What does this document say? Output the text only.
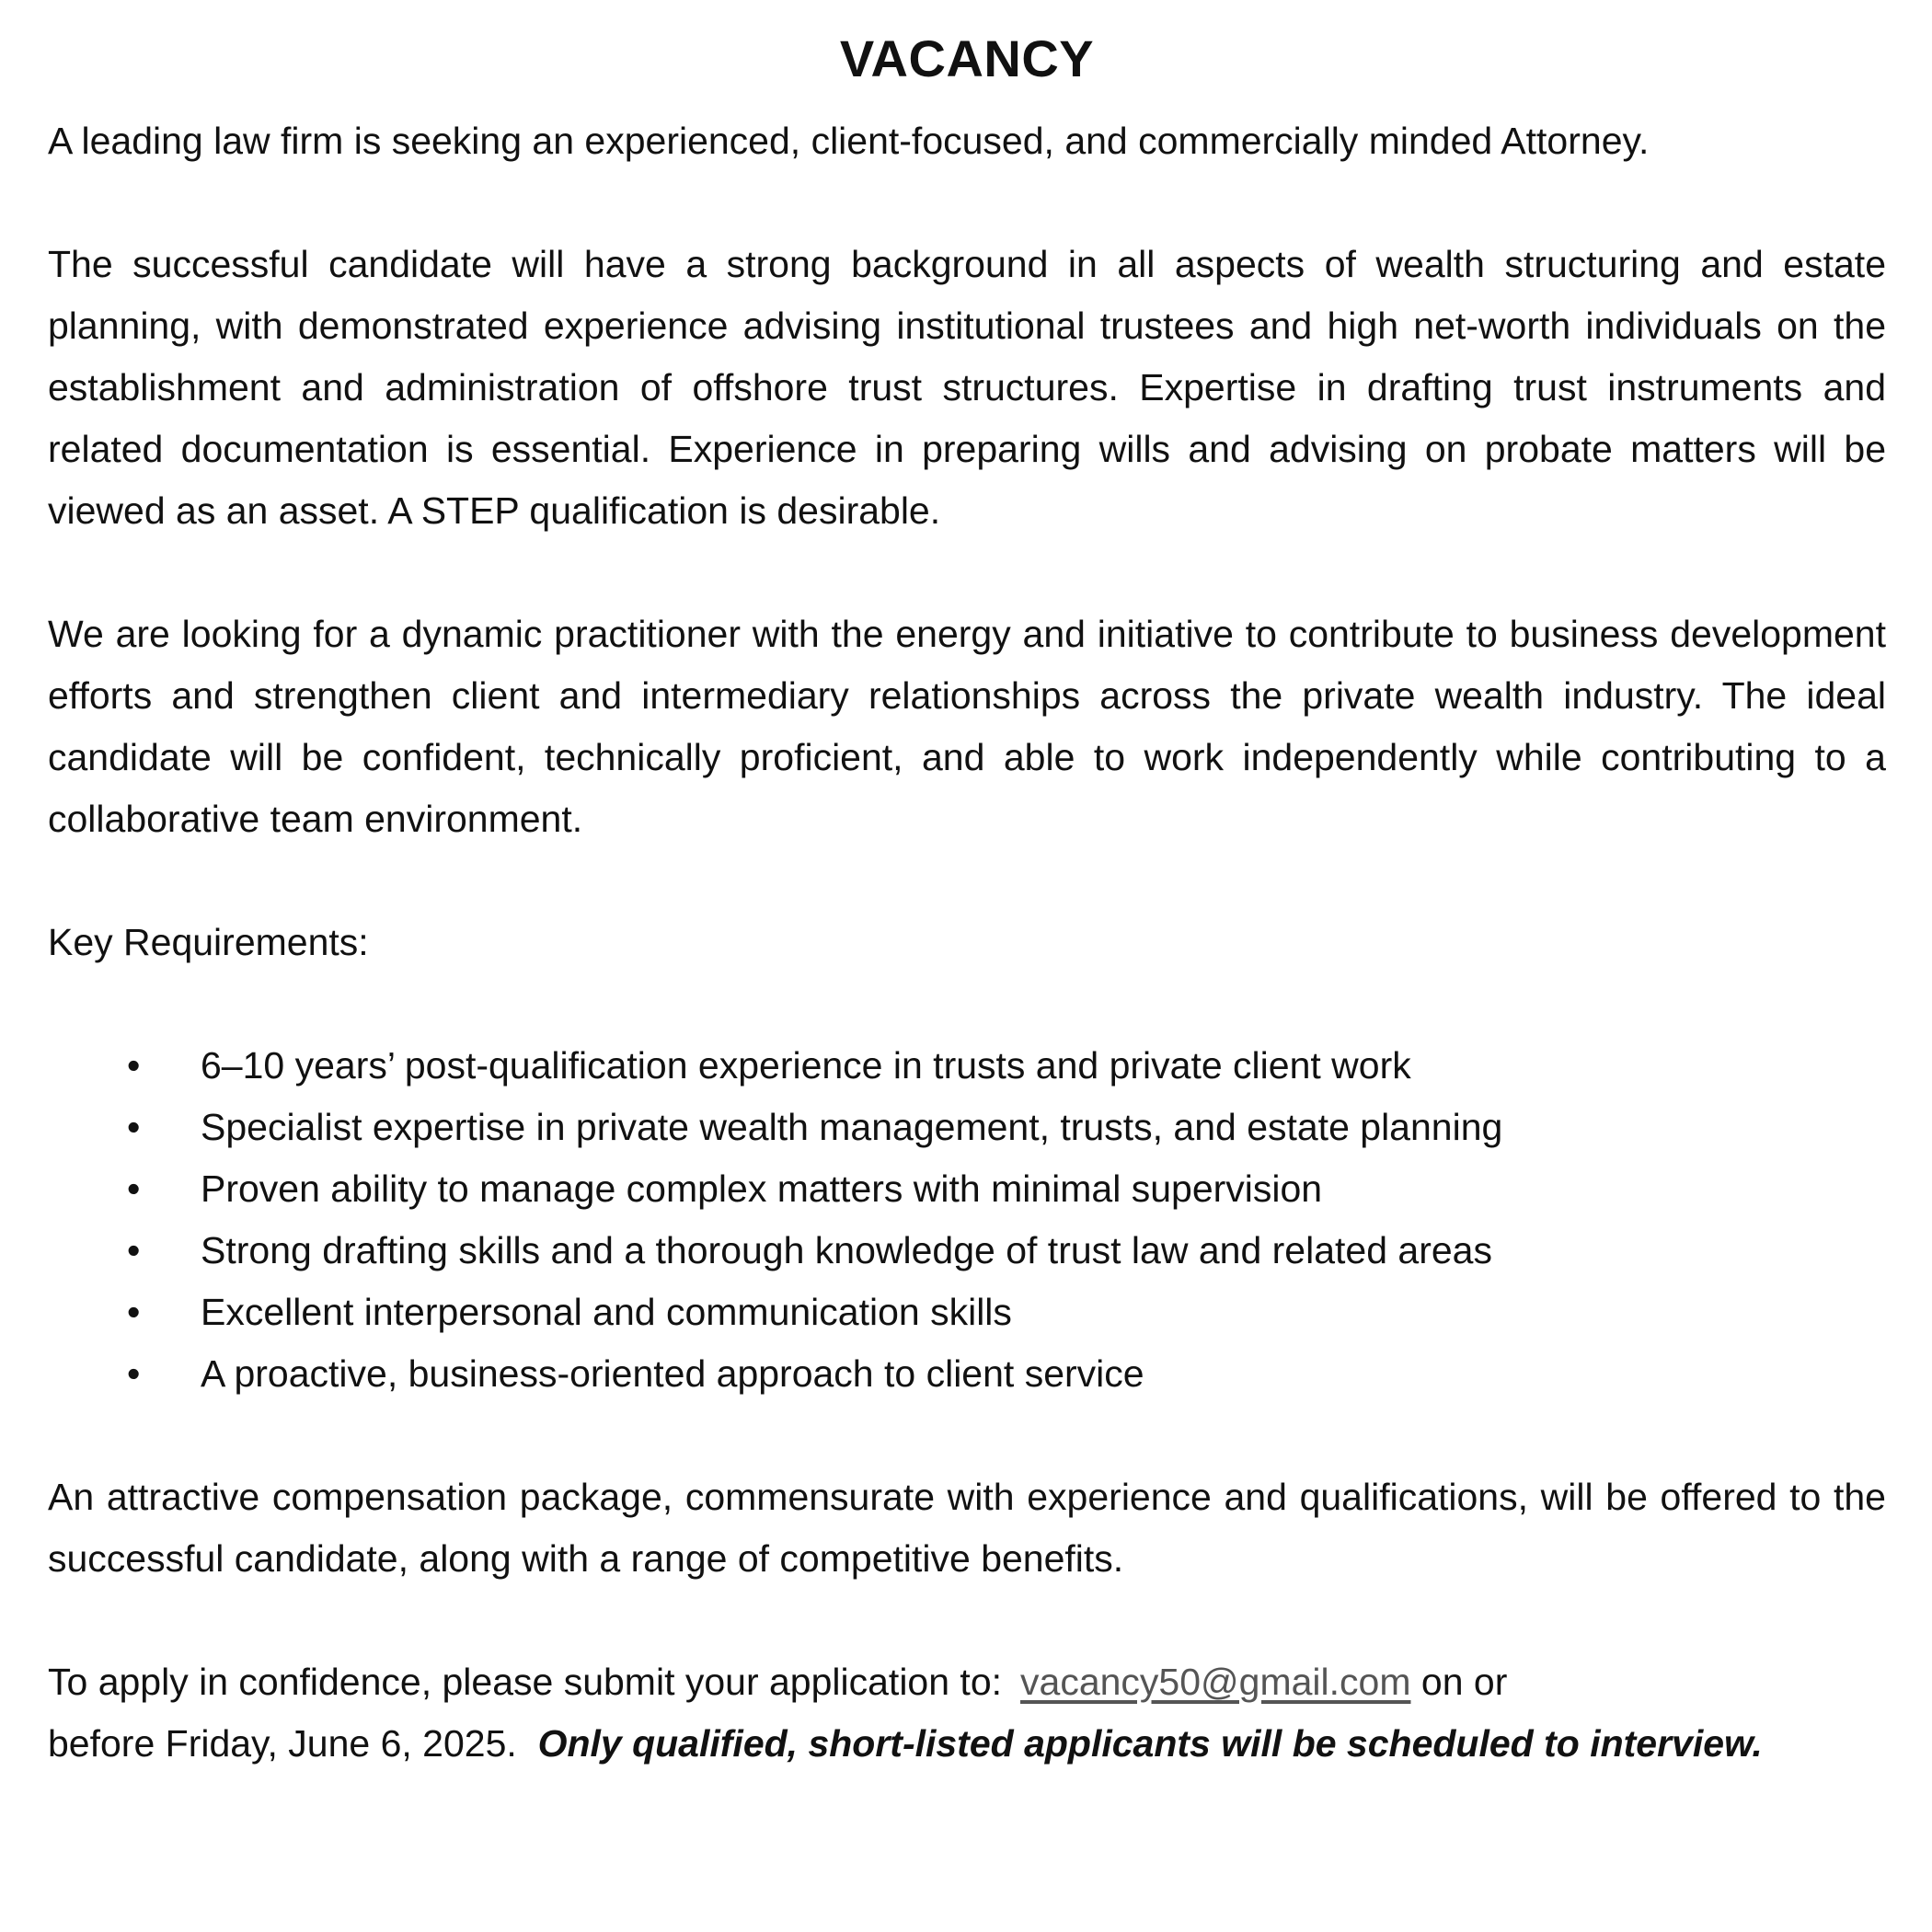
VACANCY

A leading law firm is seeking an experienced, client-focused, and commercially minded Attorney.

The successful candidate will have a strong background in all aspects of wealth structuring and estate planning, with demonstrated experience advising institutional trustees and high net-worth individuals on the establishment and administration of offshore trust structures. Expertise in drafting trust instruments and related documentation is essential. Experience in preparing wills and advising on probate matters will be viewed as an asset. A STEP qualification is desirable.

We are looking for a dynamic practitioner with the energy and initiative to contribute to business development efforts and strengthen client and intermediary relationships across the private wealth industry. The ideal candidate will be confident, technically proficient, and able to work independently while contributing to a collaborative team environment.

Key Requirements:

• 6–10 years’ post-qualification experience in trusts and private client work
• Specialist expertise in private wealth management, trusts, and estate planning
• Proven ability to manage complex matters with minimal supervision
• Strong drafting skills and a thorough knowledge of trust law and related areas
• Excellent interpersonal and communication skills
• A proactive, business-oriented approach to client service

An attractive compensation package, commensurate with experience and qualifications, will be offered to the successful candidate, along with a range of competitive benefits.

To apply in confidence, please submit your application to: vacancy50@gmail.com on or
before Friday, June 6, 2025. Only qualified, short-listed applicants will be scheduled to interview.
